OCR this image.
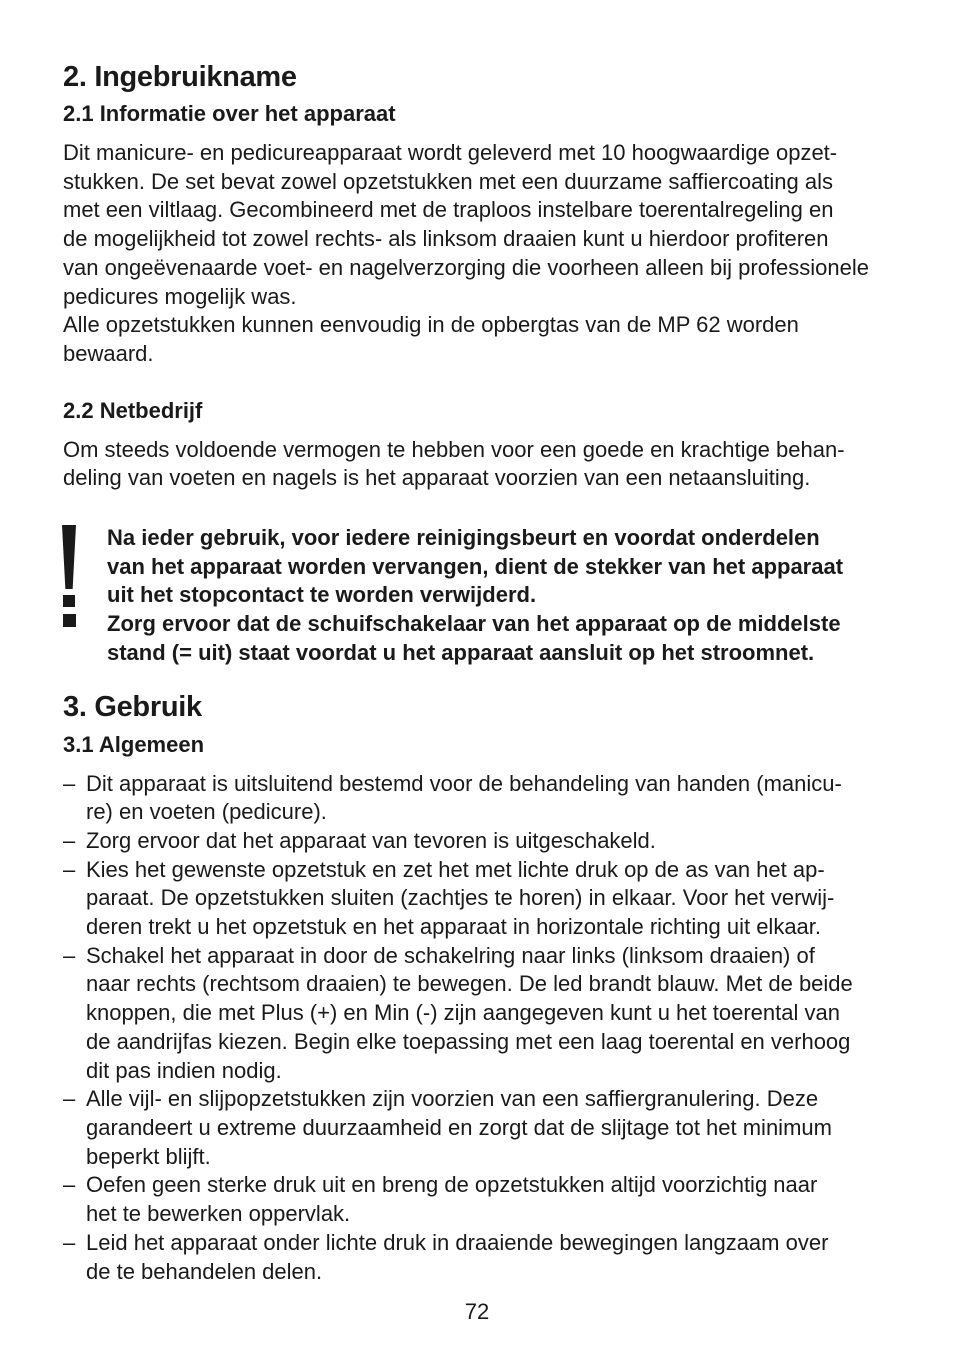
2. Ingebruikname
2.1 Informatie over het apparaat

Dit manicure- en pedicureapparaat wordt geleverd met 10 hoogwaardige opzet-

stukken. De set bevat zowel opzetstukken met een duurzame saffiercoating als

met een viltlaag. Gecombineerd met de traploos instelbare toerentalregeling en

de mogelijkheid tot zowel rechts- als linksom draaien kunt u hierdoor profiteren

van ongeëvenaarde voet- en nagelverzorging die voorheen alleen bij professionele

pedicures mogelijk was.

Alle opzetstukken kunnen eenvoudig in de opbergtas van de MP 62 worden

bewaard.

2.2 Netbedrijf

Om steeds voldoende vermogen te hebben voor een goede en krachtige behan-

deling van voeten en nagels is het apparaat voorzien van een netaansluiting.

Na ieder gebruik, voor iedere reinigingsbeurt en voordat onderdelen

van het apparaat worden vervangen, dient de stekker van het apparaat

uit het stopcontact te worden verwijderd.

Zorg ervoor dat de schuifschakelaar van het apparaat op de middelste

stand (= uit) staat voordat u het apparaat aansluit op het stroomnet.

3. Gebruik
3.1 Algemeen
– Dit apparaat is uitsluitend bestemd voor de behandeling van handen (manicu-
re) en voeten (pedicure).
– Zorg ervoor dat het apparaat van tevoren is uitgeschakeld.
– Kies het gewenste opzetstuk en zet het met lichte druk op de as van het ap-
paraat. De opzetstukken sluiten (zachtjes te horen) in elkaar. Voor het verwij-
deren trekt u het opzetstuk en het apparaat in horizontale richting uit elkaar.
– Schakel het apparaat in door de schakelring naar links (linksom draaien) of
naar rechts (rechtsom draaien) te bewegen. De led brandt blauw. Met de beide
knoppen, die met Plus (+) en Min (-) zijn aangegeven kunt u het toerental van
de aandrijfas kiezen. Begin elke toepassing met een laag toerental en verhoog
dit pas indien nodig.
– Alle vijl- en slijpopzetstukken zijn voorzien van een saffiergranulering. Deze
garandeert u extreme duurzaamheid en zorgt dat de slijtage tot het minimum
beperkt blijft.
– Oefen geen sterke druk uit en breng de opzetstukken altijd voorzichtig naar
het te bewerken oppervlak.
– Leid het apparaat onder lichte druk in draaiende bewegingen langzaam over
de te behandelen delen.
72
